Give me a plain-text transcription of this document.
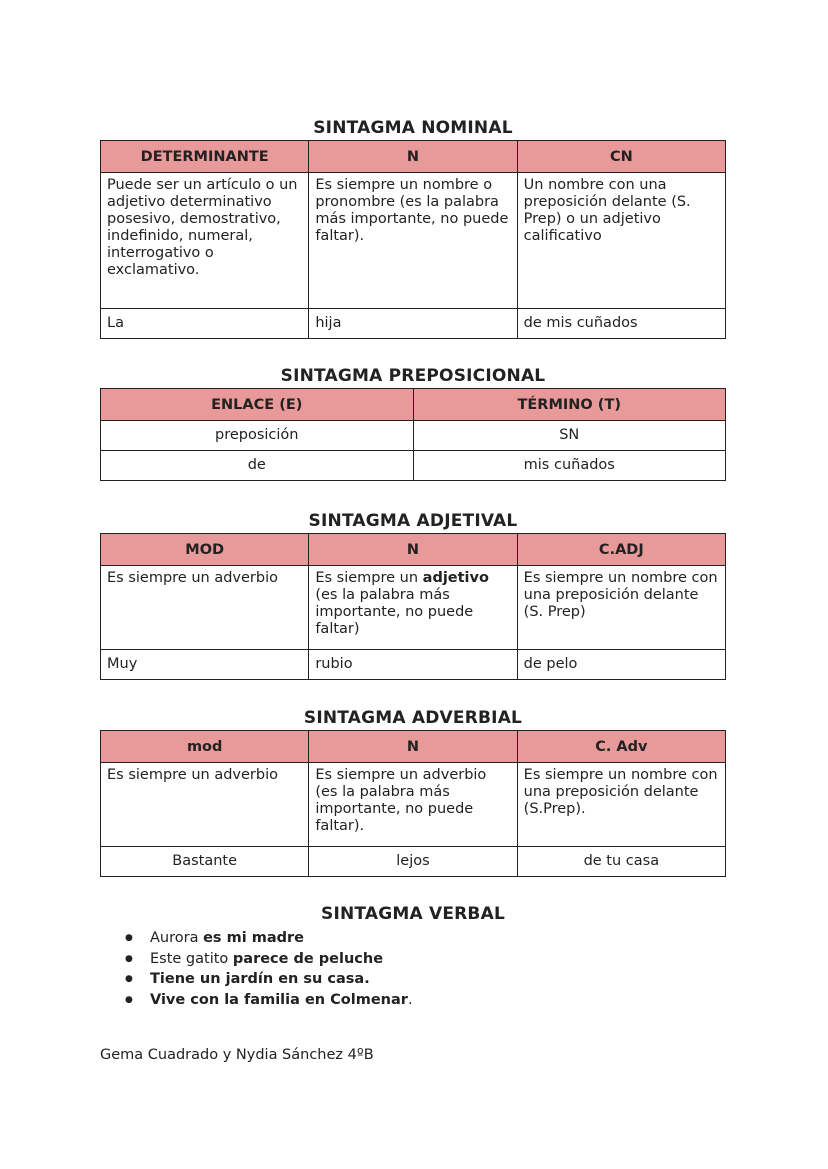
SINTAGMA NOMINAL
DETERMINANTE	N	CN
Puede ser un artículo o un adjetivo determinativo posesivo, demostrativo, indefinido, numeral, interrogativo o exclamativo.	Es siempre un nombre o pronombre (es la palabra más importante, no puede faltar).	Un nombre con una preposición delante (S. Prep) o un adjetivo calificativo
La	hija	de mis cuñados
SINTAGMA PREPOSICIONAL
ENLACE (E)	TÉRMINO (T)
preposición	SN
de	mis cuñados
SINTAGMA ADJETIVAL
MOD	N	C.ADJ
Es siempre un adverbio	Es siempre un adjetivo (es la palabra más importante, no puede faltar)	Es siempre un nombre con una preposición delante (S. Prep)
Muy	rubio	de pelo
SINTAGMA ADVERBIAL
mod	N	C. Adv
Es siempre un adverbio	Es siempre un adverbio (es la palabra más importante, no puede faltar).	Es siempre un nombre con una preposición delante (S.Prep).
Bastante	lejos	de tu casa
SINTAGMA VERBAL
● Aurora es mi madre
● Este gatito parece de peluche
● Tiene un jardín en su casa.
● Vive con la familia en Colmenar.
Gema Cuadrado y Nydia Sánchez 4ºB
